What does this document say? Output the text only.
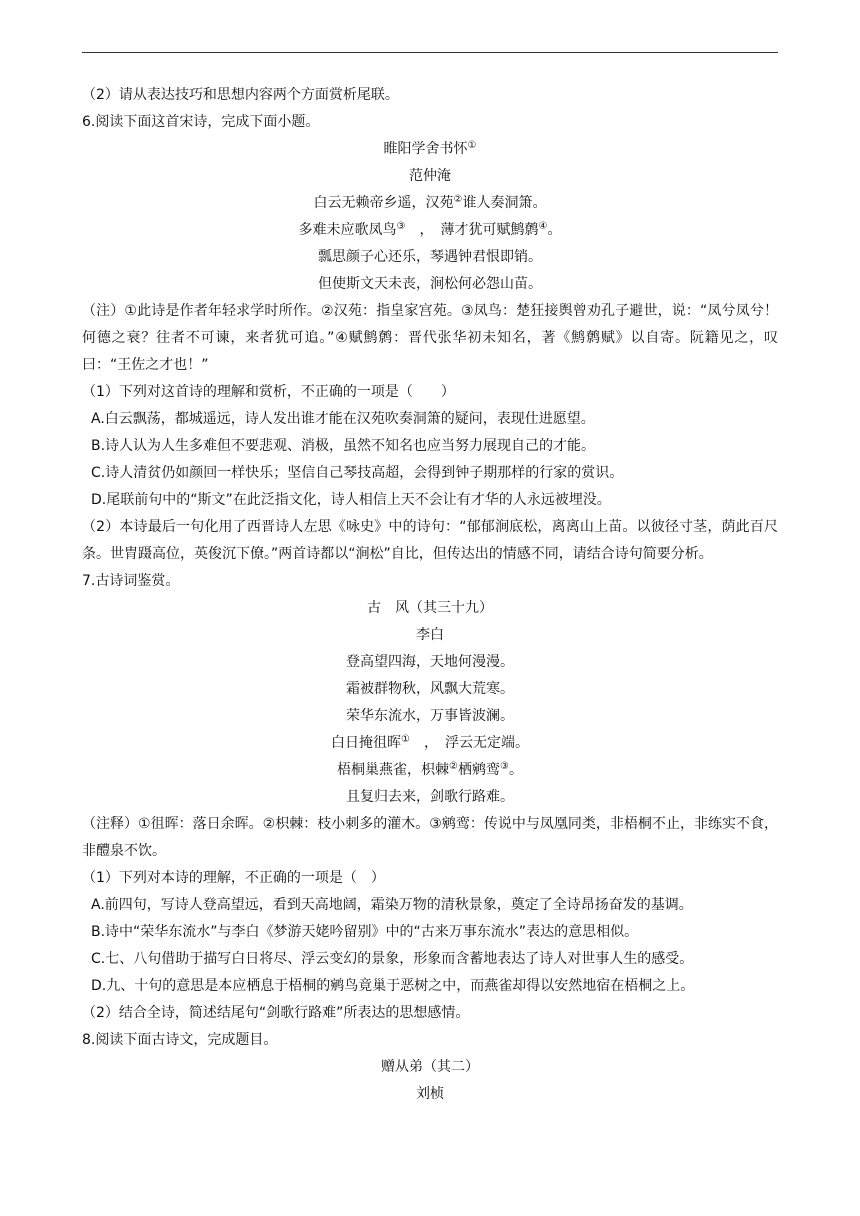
（2）请从表达技巧和思想内容两个方面赏析尾联。
6.阅读下面这首宋诗，完成下面小题。
睢阳学舍书怀①
范仲淹
白云无赖帝乡遥，汉苑②谁人奏洞箫。
多难未应歌凤鸟③　，　薄才犹可赋鹪鹩④。
瓢思颜子心还乐，琴遇钟君恨即销。
但使斯文天未丧，涧松何必怨山苗。
（注）①此诗是作者年轻求学时所作。②汉苑：指皇家宫苑。③凤鸟：楚狂接舆曾劝孔子避世，说：“凤兮凤兮！何德之衰？往者不可谏，来者犹可追。”④赋鹪鹩：晋代张华初未知名，著《鹪鹩赋》以自寄。阮籍见之，叹曰：“王佐之才也！”
（1）下列对这首诗的理解和赏析，不正确的一项是（　　）
A.白云飘荡，都城遥远，诗人发出谁才能在汉苑吹奏洞箫的疑问，表现仕进愿望。
B.诗人认为人生多难但不要悲观、消极，虽然不知名也应当努力展现自己的才能。
C.诗人清贫仍如颜回一样快乐；坚信自己琴技高超，会得到钟子期那样的行家的赏识。
D.尾联前句中的“斯文”在此泛指文化，诗人相信上天不会让有才华的人永远被埋没。
（2）本诗最后一句化用了西晋诗人左思《咏史》中的诗句：“郁郁涧底松，离离山上苗。以彼径寸茎，荫此百尺条。世胄蹑高位，英俊沉下僚。”两首诗都以“涧松”自比，但传达出的情感不同，请结合诗句简要分析。
7.古诗词鉴赏。
古　风（其三十九）
李白
登高望四海，天地何漫漫。
霜被群物秋，风飘大荒寒。
荣华东流水，万事皆波澜。
白日掩徂晖①　，　浮云无定端。
梧桐巢燕雀，枳棘②栖鹓鸾③。
且复归去来，剑歌行路难。
（注释）①徂晖：落日余晖。②枳棘：枝小刺多的灌木。③鹓鸾：传说中与凤凰同类，非梧桐不止，非练实不食，非醴泉不饮。
（1）下列对本诗的理解，不正确的一项是（　）
A.前四句，写诗人登高望远，看到天高地阔，霜染万物的清秋景象，奠定了全诗昂扬奋发的基调。
B.诗中“荣华东流水”与李白《梦游天姥吟留别》中的“古来万事东流水”表达的意思相似。
C.七、八句借助于描写白日将尽、浮云变幻的景象，形象而含蓄地表达了诗人对世事人生的感受。
D.九、十句的意思是本应栖息于梧桐的鹓鸟竟巢于恶树之中，而燕雀却得以安然地宿在梧桐之上。
（2）结合全诗，简述结尾句“剑歌行路难”所表达的思想感情。
8.阅读下面古诗文，完成题目。
赠从弟（其二）
刘桢
